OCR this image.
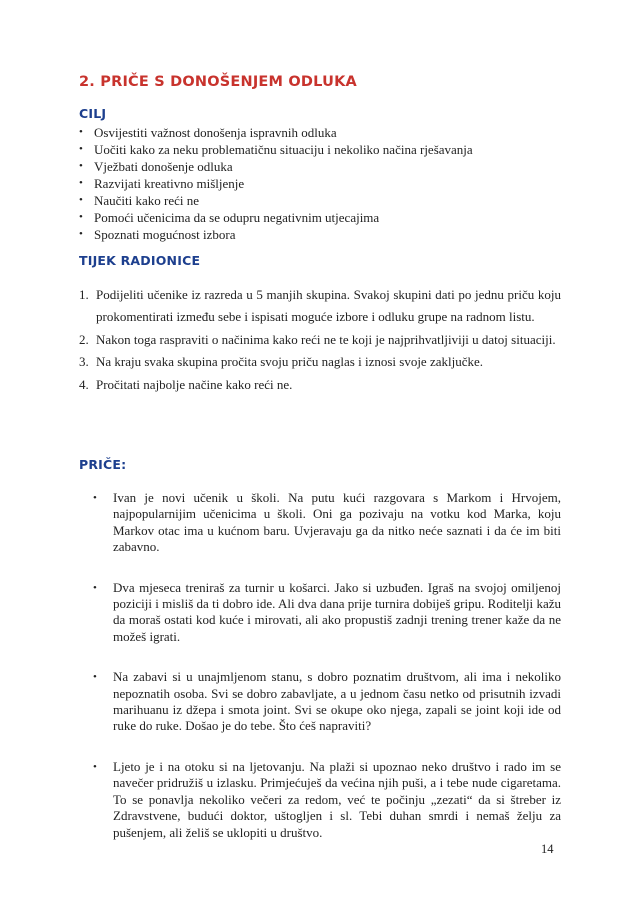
2. PRIČE S DONOŠENJEM ODLUKA
CILJ
• Osvijestiti važnost donošenja ispravnih odluka
• Uočiti kako za neku problematičnu situaciju i nekoliko načina rješavanja
• Vježbati donošenje odluka
• Razvijati kreativno mišljenje
• Naučiti kako reći ne
• Pomoći učenicima da se odupru negativnim utjecajima
• Spoznati mogućnost izbora
TIJEK RADIONICE
1. Podijeliti učenike iz razreda u 5 manjih skupina. Svakoj skupini dati po jednu priču koju prokomentirati između sebe i ispisati moguće izbore i odluku grupe na radnom listu.
2. Nakon toga raspraviti o načinima kako reći ne te koji je najprihvatljiviji u datoj situaciji.
3. Na kraju svaka skupina pročita svoju priču naglas i iznosi svoje zaključke.
4. Pročitati najbolje načine kako reći ne.
PRIČE:
• Ivan je novi učenik u školi. Na putu kući razgovara s Markom i Hrvojem, najpopularnijim učenicima u školi. Oni ga pozivaju na votku kod Marka, koju Markov otac ima u kućnom baru. Uvjeravaju ga da nitko neće saznati i da će im biti zabavno.
• Dva mjeseca treniraš za turnir u košarci. Jako si uzbuđen. Igraš na svojoj omiljenoj poziciji i misliš da ti dobro ide. Ali dva dana prije turnira dobiješ gripu. Roditelji kažu da moraš ostati kod kuće i mirovati, ali ako propustiš zadnji trening trener kaže da ne možeš igrati.
• Na zabavi si u unajmljenom stanu, s dobro poznatim društvom, ali ima i nekoliko nepoznatih osoba. Svi se dobro zabavljate, a u jednom času netko od prisutnih izvadi marihuanu iz džepa i smota joint. Svi se okupe oko njega, zapali se joint koji ide od ruke do ruke. Došao je do tebe. Što ćeš napraviti?
• Ljeto je i na otoku si na ljetovanju. Na plaži si upoznao neko društvo i rado im se navečer pridružiš u izlasku. Primjećuješ da većina njih puši, a i tebe nude cigaretama. To se ponavlja nekoliko večeri za redom, već te počinju „zezati“ da si štreber iz Zdravstvene, budući doktor, uštogljen i sl. Tebi duhan smrdi i nemaš želju za pušenjem, ali želiš se uklopiti u društvo.

14
